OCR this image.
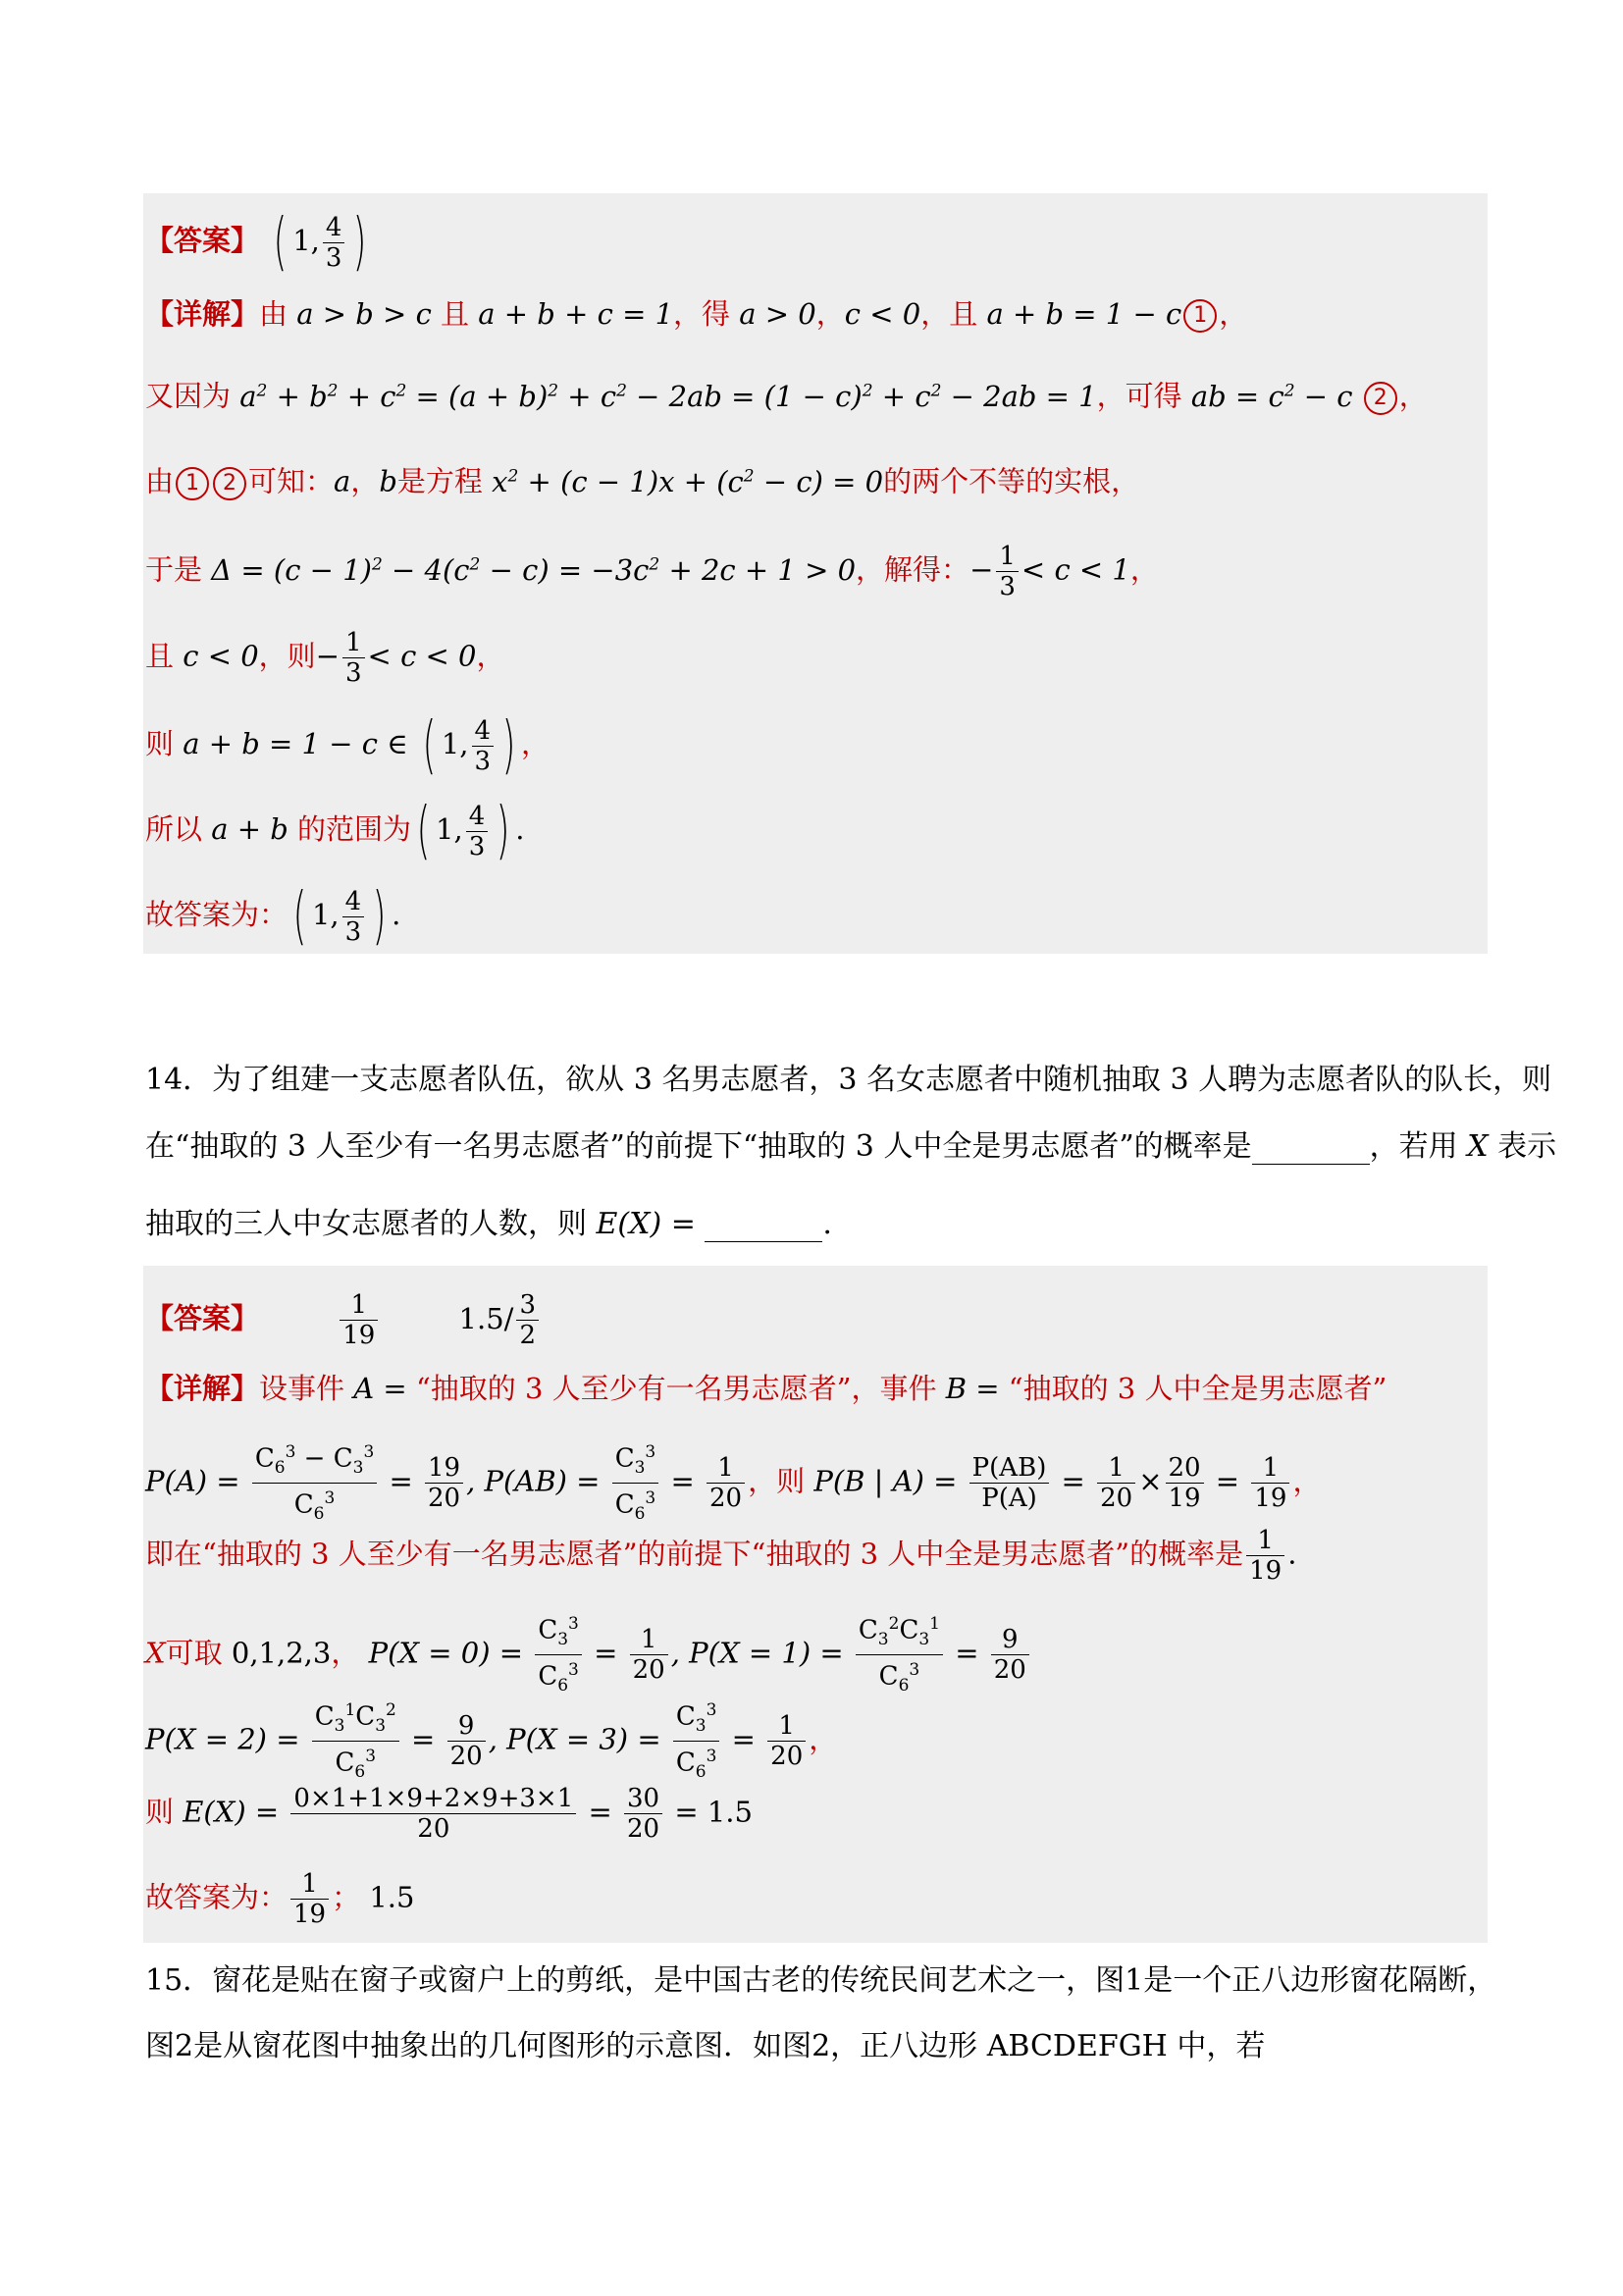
【答案】 ( 1, $\frac{4}{3}$ )
【详解】由 a > b > c 且 a + b + c = 1，得 a > 0，c < 0，且 a + b = 1 − c 1 ，
又因为 $a^2 + b^2 + c^2 = (a + b)^2 + c^2 - 2ab = (1 - c)^2 + c^2 - 2ab = 1$，可得 ab = $c^2 - c$ 2 ，
由 1 2 可知：a，b是方程 $x^2 + (c - 1)x + (c^2 - c) = 0$的两个不等的实根，
于是 $\Delta = (c - 1)^2 - 4(c^2 - c) = -3c^2 + 2c + 1 > 0$，解得：− $\frac{1}{3} < c < 1$，
且 c < 0，则− $\frac{1}{3} < c < 0$，
则 a + b = 1 − c ∈ ( 1, $\frac{4}{3}$ ) ，
所以 a + b 的范围为( 1, $\frac{4}{3}$ ) .
故答案为：( 1, $\frac{4}{3}$ ) .
14．为了组建一支志愿者队伍，欲从 3 名男志愿者，3 名女志愿者中随机抽取 3 人聘为志愿者队的队长，则
在“抽取的 3 人至少有一名男志愿者”的前提下“抽取的 3 人中全是男志愿者”的概率是	，若用 X 表示
抽取的三人中女志愿者的人数，则 E(X) =	.
【答案】	$\frac{1}{19}$	$1.5/ \frac{3}{2}$
【详解】设事件 A = “抽取的 3 人至少有一名男志愿者”，事件 B = “抽取的 3 人中全是男志愿者”
$P(A) = \frac{C_6^3 - C_3^3}{C_6^3} = \frac{19}{20}$ , $P(AB) = \frac{C_3^3}{C_6^3} = \frac{1}{20}$ ，则 P(B | $A) = \frac{P(AB)}{P(A)} = \frac{1}{20} \times \frac{20}{19} = \frac{1}{19}$ ，
即在“抽取的 3 人至少有一名男志愿者”的前提下“抽取的 3 人中全是男志愿者”的概率是 $\frac{1}{19}$ .
X可取 0,1,2,3， $P(X = 0) = \frac{C_3^3}{C_6^3} = \frac{1}{20}$ , $P(X = 1) = \frac{C_3^2C_3^1}{C_6^3} = \frac{9}{20}$
$P(X = 2) = \frac{C_3^1C_3^2}{C_6^3} = \frac{9}{20}$ , $P(X = 3) = \frac{C_3^3}{C_6^3} = \frac{1}{20}$ ，
则 $E(X) = \frac{0\times 1+1\times 9+2\times 9+3\times 1}{20} = \frac{30}{20} = 1.5$
故答案为： $\frac{1}{19}$ ； 1.5
15．窗花是贴在窗子或窗户上的剪纸，是中国古老的传统民间艺术之一，图1是一个正八边形窗花隔断，
图2是从窗花图中抽象出的几何图形的示意图．如图2，正八边形 ABCDEFGH 中，若
